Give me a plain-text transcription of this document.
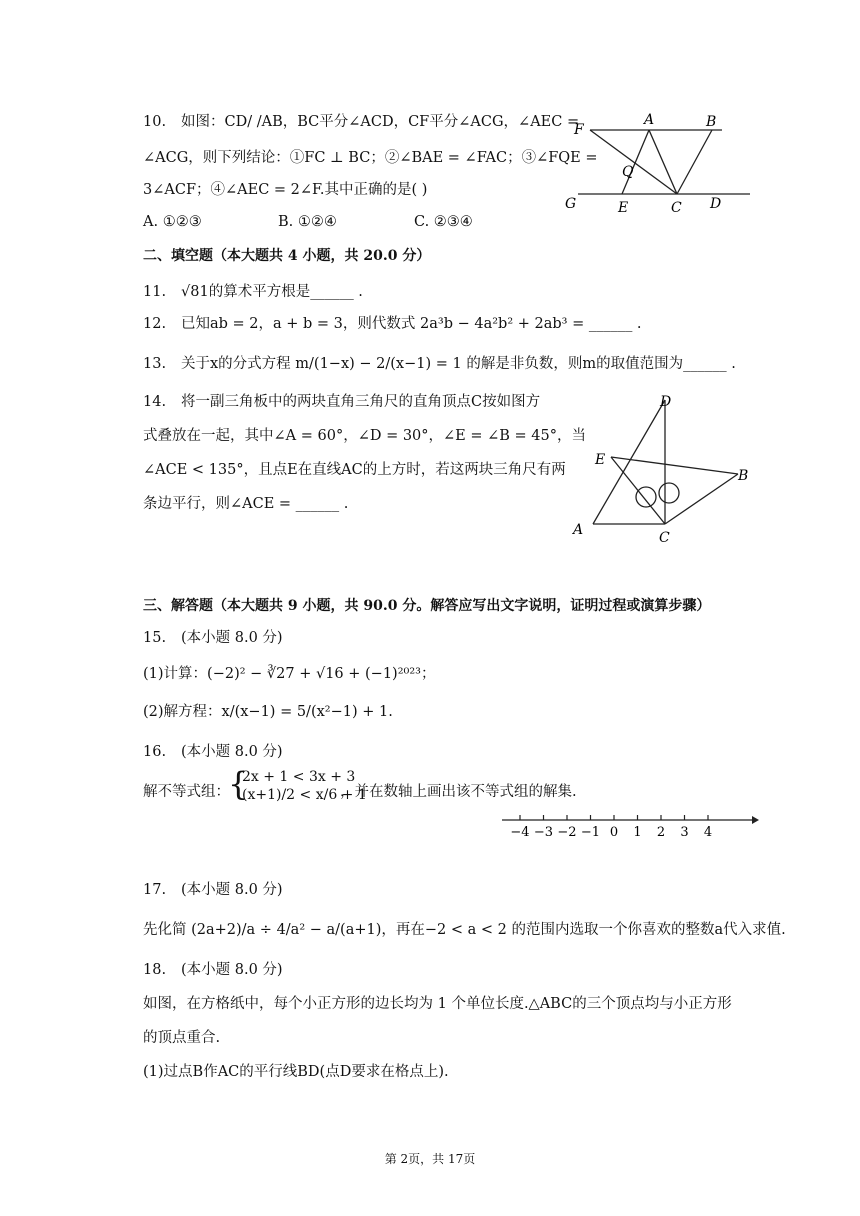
10. 如图：CD/ /AB，BC平分∠ACD，CF平分∠ACG，∠AEC =
∠ACG，则下列结论：①FC ⊥ BC；②∠BAE = ∠FAC；③∠FQE =
3∠ACF；④∠AEC = 2∠F.其中正确的是( )
A. ①②③	B. ①②④	C. ②③④
F
A	B
Q
G	E	C D
二、填空题（本大题共 4 小题，共 20.0 分）
11. √81的算术平方根是______ .
12. 已知ab = 2，a + b = 3，则代数式 2a³b − 4a²b² + 2ab³ = ______ .
13. 关于x的分式方程 m/(1−x) − 2/(x−1) = 1 的解是非负数，则m的取值范围为______ .
14. 将一副三角板中的两块直角三角尺的直角顶点C按如图方
式叠放在一起，其中∠A = 60°，∠D = 30°，∠E = ∠B = 45°，当
∠ACE < 135°，且点E在直线AC的上方时，若这两块三角尺有两
条边平行，则∠ACE = ______ .
D
E
B
A	C
三、解答题（本大题共 9 小题，共 90.0 分。解答应写出文字说明，证明过程或演算步骤）
15. (本小题 8.0 分)
(1)计算：(−2)² − ∛27 + √16 + (−1)²⁰²³；
(2)解方程：x/(x−1) = 5/(x²−1) + 1.
16. (本小题 8.0 分)
解不等式组：
{
2x + 1 < 3x + 3
(x+1)/2 < x/6 + 1
，并在数轴上画出该不等式组的解集.
−4 −3 −2 −1 0 1 2 3 4
17. (本小题 8.0 分)
先化简 (2a+2)/a ÷ 4/a² − a/(a+1)，再在−2 < a < 2 的范围内选取一个你喜欢的整数a代入求值.
18. (本小题 8.0 分)
如图，在方格纸中，每个小正方形的边长均为 1 个单位长度.△ABC的三个顶点均与小正方形
的顶点重合.
(1)过点B作AC的平行线BD(点D要求在格点上).
第 2页，共 17页
